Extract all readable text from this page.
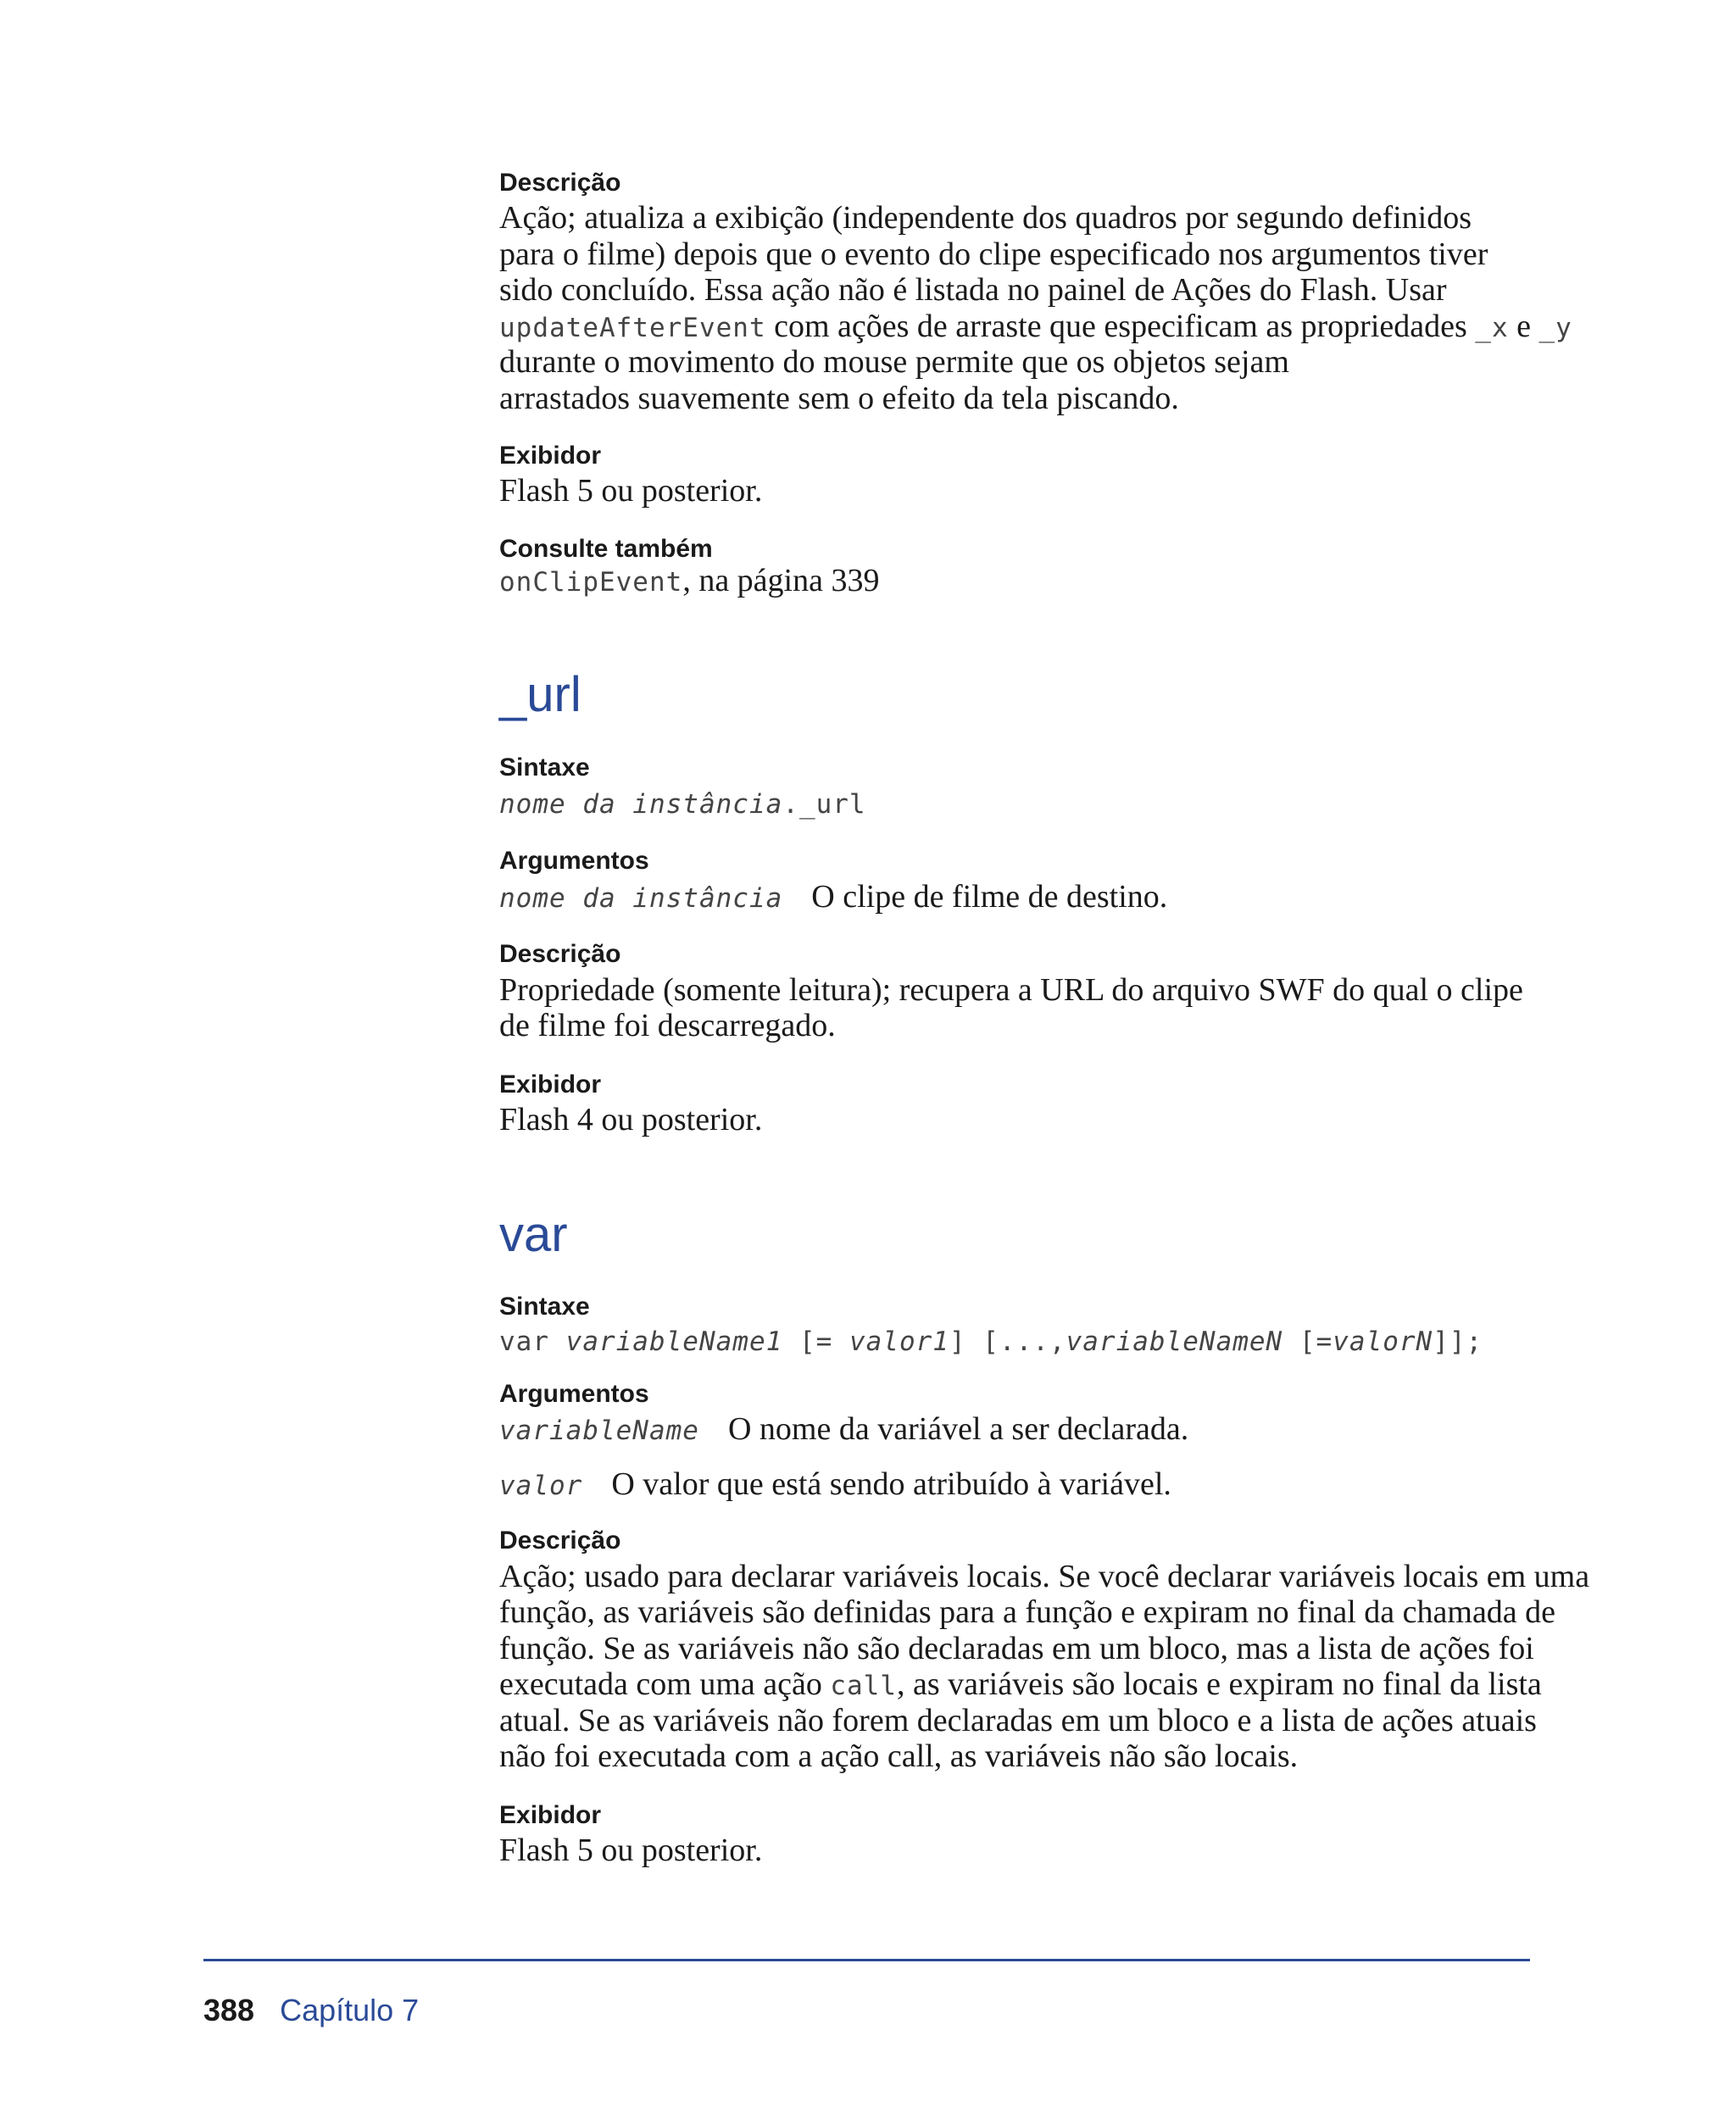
Descrição
Ação; atualiza a exibição (independente dos quadros por segundo definidos
para o filme) depois que o evento do clipe especificado nos argumentos tiver
sido concluído. Essa ação não é listada no painel de Ações do Flash. Usar
updateAfterEvent com ações de arraste que especificam as propriedades _x e _y
durante o movimento do mouse permite que os objetos sejam
arrastados suavemente sem o efeito da tela piscando.
Exibidor
Flash 5 ou posterior.
Consulte também
onClipEvent, na página 339
_url
Sintaxe
nome da instância._url
Argumentos
nome da instância O clipe de filme de destino.
Descrição
Propriedade (somente leitura); recupera a URL do arquivo SWF do qual o clipe
de filme foi descarregado.
Exibidor
Flash 4 ou posterior.
var
Sintaxe
var variableName1 [= valor1] [...,variableNameN [=valorN]];
Argumentos
variableName O nome da variável a ser declarada.
valor O valor que está sendo atribuído à variável.
Descrição
Ação; usado para declarar variáveis locais. Se você declarar variáveis locais em uma
função, as variáveis são definidas para a função e expiram no final da chamada de
função. Se as variáveis não são declaradas em um bloco, mas a lista de ações foi
executada com uma ação call, as variáveis são locais e expiram no final da lista
atual. Se as variáveis não forem declaradas em um bloco e a lista de ações atuais
não foi executada com a ação call, as variáveis não são locais.
Exibidor
Flash 5 ou posterior.
388 Capítulo 7
